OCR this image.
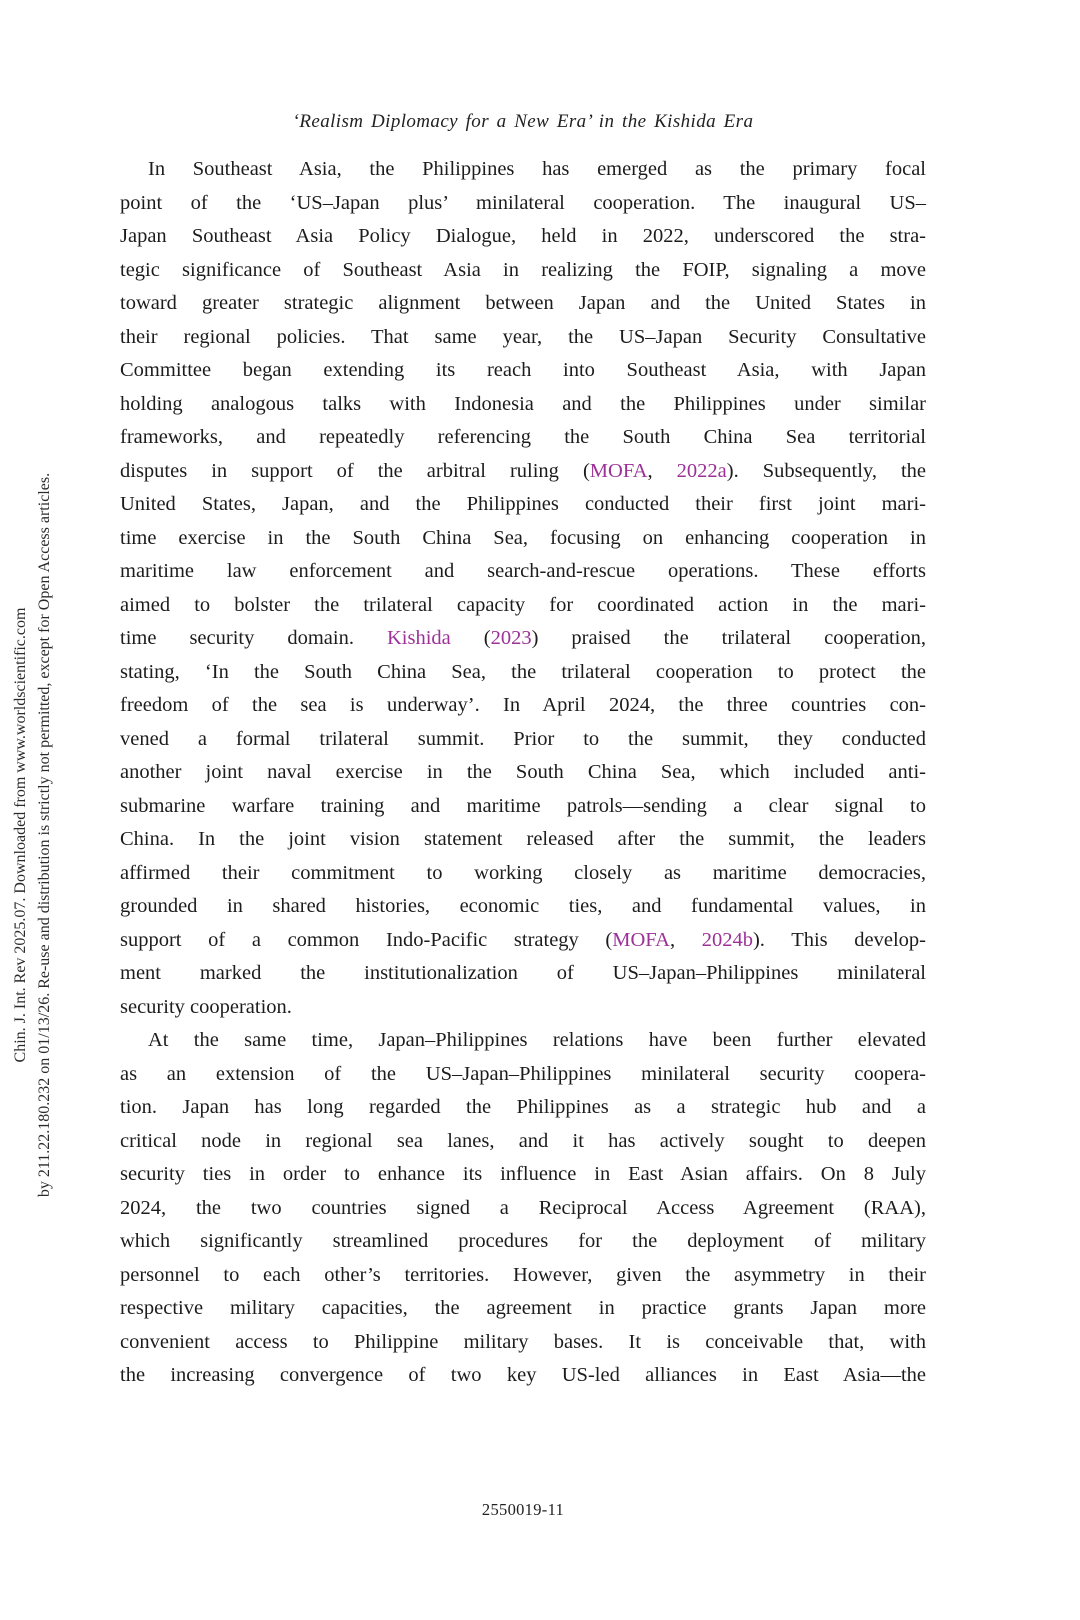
‘Realism Diplomacy for a New Era’ in the Kishida Era
Chin. J. Int. Rev 2025.07. Downloaded from www.worldscientific.com by 211.22.180.232 on 01/13/26. Re-use and distribution is strictly not permitted, except for Open Access articles.
In Southeast Asia, the Philippines has emerged as the primary focal
point of the ‘US–Japan plus’ minilateral cooperation. The inaugural US–
Japan Southeast Asia Policy Dialogue, held in 2022, underscored the stra-
tegic significance of Southeast Asia in realizing the FOIP, signaling a move
toward greater strategic alignment between Japan and the United States in
their regional policies. That same year, the US–Japan Security Consultative
Committee began extending its reach into Southeast Asia, with Japan
holding analogous talks with Indonesia and the Philippines under similar
frameworks, and repeatedly referencing the South China Sea territorial
disputes in support of the arbitral ruling (MOFA, 2022a). Subsequently, the
United States, Japan, and the Philippines conducted their first joint mari-
time exercise in the South China Sea, focusing on enhancing cooperation in
maritime law enforcement and search-and-rescue operations. These efforts
aimed to bolster the trilateral capacity for coordinated action in the mari-
time security domain. Kishida (2023) praised the trilateral cooperation,
stating, ‘In the South China Sea, the trilateral cooperation to protect the
freedom of the sea is underway’. In April 2024, the three countries con-
vened a formal trilateral summit. Prior to the summit, they conducted
another joint naval exercise in the South China Sea, which included anti-
submarine warfare training and maritime patrols—sending a clear signal to
China. In the joint vision statement released after the summit, the leaders
affirmed their commitment to working closely as maritime democracies,
grounded in shared histories, economic ties, and fundamental values, in
support of a common Indo-Pacific strategy (MOFA, 2024b). This develop-
ment marked the institutionalization of US–Japan–Philippines minilateral
security cooperation.
At the same time, Japan–Philippines relations have been further elevated
as an extension of the US–Japan–Philippines minilateral security coopera-
tion. Japan has long regarded the Philippines as a strategic hub and a
critical node in regional sea lanes, and it has actively sought to deepen
security ties in order to enhance its influence in East Asian affairs. On 8 July
2024, the two countries signed a Reciprocal Access Agreement (RAA),
which significantly streamlined procedures for the deployment of military
personnel to each other’s territories. However, given the asymmetry in their
respective military capacities, the agreement in practice grants Japan more
convenient access to Philippine military bases. It is conceivable that, with
the increasing convergence of two key US-led alliances in East Asia—the
2550019-11
